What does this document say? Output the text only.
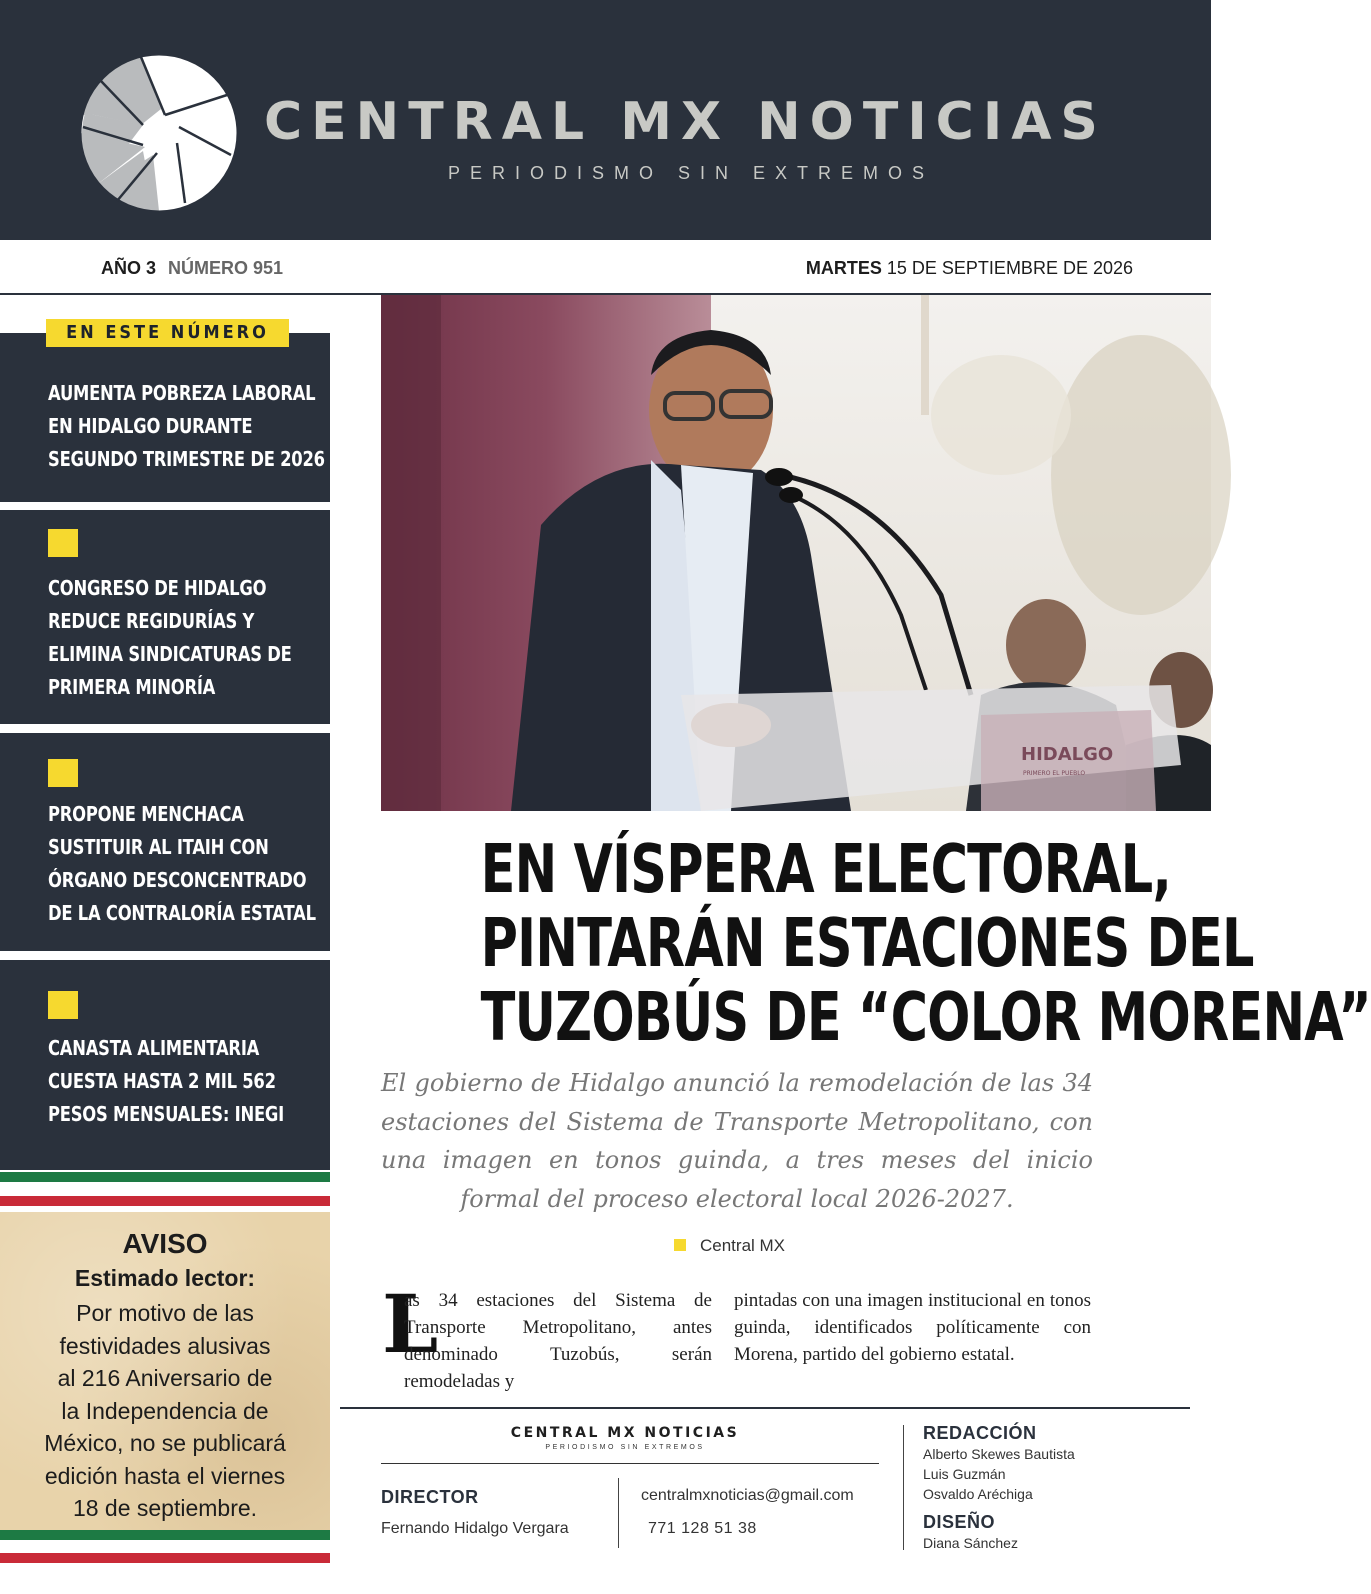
CENTRAL MX NOTICIAS
PERIODISMO SIN EXTREMOS
AÑO 3 NÚMERO 951	MARTES 15 DE SEPTIEMBRE DE 2026
EN ESTE NÚMERO
AUMENTA POBREZA LABORAL
EN HIDALGO DURANTE
SEGUNDO TRIMESTRE DE 2026
CONGRESO DE HIDALGO
REDUCE REGIDURÍAS Y
ELIMINA SINDICATURAS DE
PRIMERA MINORÍA
PROPONE MENCHACA
SUSTITUIR AL ITAIH CON
ÓRGANO DESCONCENTRADO
DE LA CONTRALORÍA ESTATAL
CANASTA ALIMENTARIA
CUESTA HASTA 2 MIL 562
PESOS MENSUALES: INEGI
AVISO
Estimado lector:
Por motivo de las
festividades alusivas
al 216 Aniversario de
la Independencia de
México, no se publicará
edición hasta el viernes
18 de septiembre.
HIDALGO
PRIMERO EL PUEBLO
EN VÍSPERA ELECTORAL,
PINTARÁN ESTACIONES DEL
TUZOBÚS DE “COLOR MORENA”
El gobierno de Hidalgo anunció la remodelación de las 34 estaciones del Sistema de Transporte Metropolitano, con una imagen en tonos guinda, a tres meses del inicio formal del proceso electoral local 2026-2027.
Central MX
L
as 34 estaciones del Sistema de Transporte Metropolitano, antes denominado Tuzobús, serán remodeladas y
pintadas con una imagen institucional en tonos guinda, identificados políticamente con Morena, partido del gobierno estatal.
CENTRAL MX NOTICIAS
PERIODISMO SIN EXTREMOS
DIRECTOR
Fernando Hidalgo Vergara
centralmxnoticias@gmail.com
771 128 51 38
REDACCIÓN
Alberto Skewes Bautista
Luis Guzmán
Osvaldo Aréchiga
DISEÑO
Diana Sánchez
